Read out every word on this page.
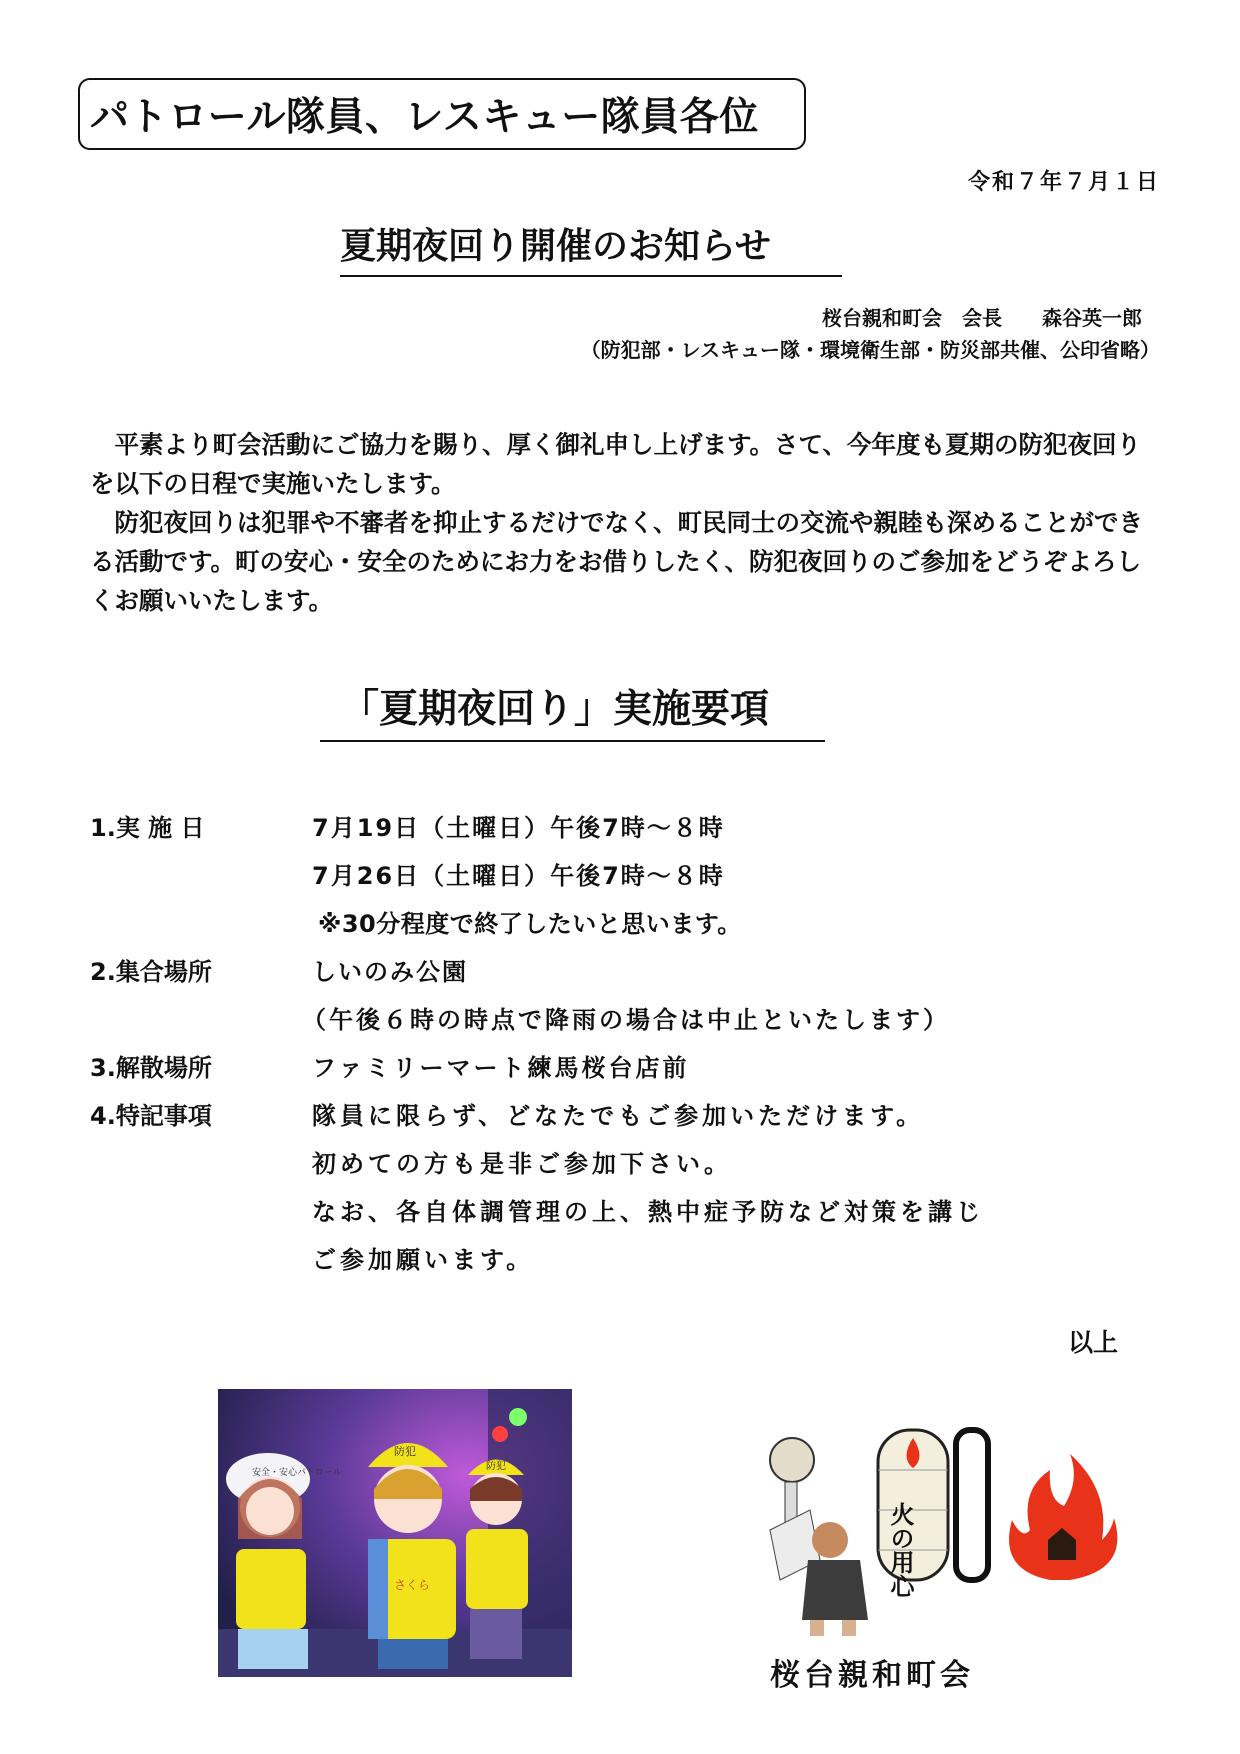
パトロール隊員、レスキュー隊員各位
令和７年７月１日
夏期夜回り開催のお知らせ
桜台親和町会　会長　　森谷英一郎
（防犯部・レスキュー隊・環境衛生部・防災部共催、公印省略）
　平素より町会活動にご協力を賜り、厚く御礼申し上げます。さて、今年度も夏期の防犯夜回りを以下の日程で実施いたします。
　防犯夜回りは犯罪や不審者を抑止するだけでなく、町民同士の交流や親睦も深めることができる活動です。町の安心・安全のためにお力をお借りしたく、防犯夜回りのご参加をどうぞよろしくお願いいたします。
「夏期夜回り」実施要項
1.実 施 日	7月19日（土曜日）午後7時～８時
7月26日（土曜日）午後7時～８時
※30分程度で終了したいと思います。
2.集合場所	しいのみ公園
（午後６時の時点で降雨の場合は中止といたします）
3.解散場所	ファミリーマート練馬桜台店前
4.特記事項	隊員に限らず、どなたでもご参加いただけます。
初めての方も是非ご参加下さい。
なお、各自体調管理の上、熱中症予防など対策を講じ
ご参加願います。
以上
安全・安心パトロール
防犯
さくら
防犯
火の用心
桜台親和町会
